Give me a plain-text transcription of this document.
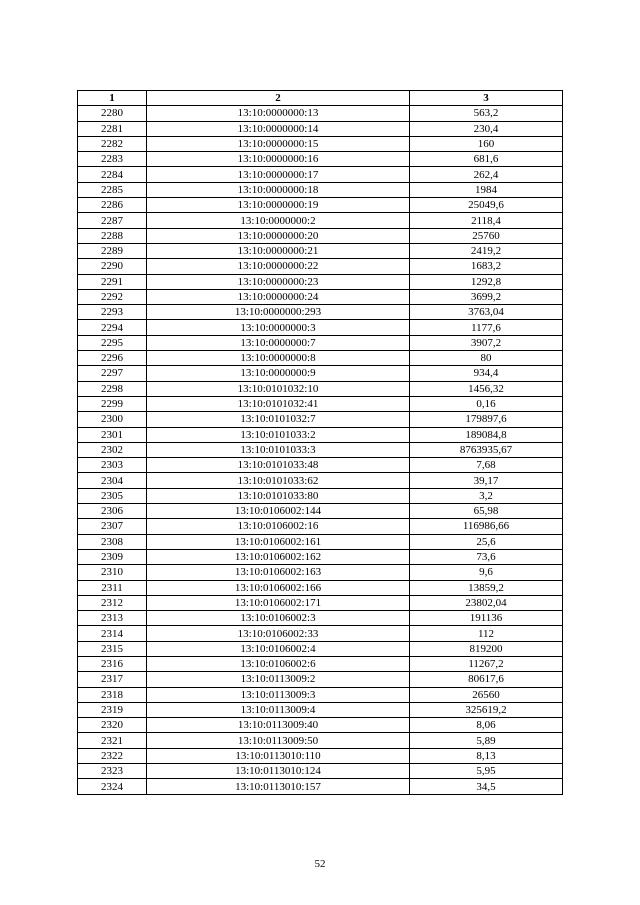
1	2	3
2280	13:10:0000000:13	563,2
2281	13:10:0000000:14	230,4
2282	13:10:0000000:15	160
2283	13:10:0000000:16	681,6
2284	13:10:0000000:17	262,4
2285	13:10:0000000:18	1984
2286	13:10:0000000:19	25049,6
2287	13:10:0000000:2	2118,4
2288	13:10:0000000:20	25760
2289	13:10:0000000:21	2419,2
2290	13:10:0000000:22	1683,2
2291	13:10:0000000:23	1292,8
2292	13:10:0000000:24	3699,2
2293	13:10:0000000:293	3763,04
2294	13:10:0000000:3	1177,6
2295	13:10:0000000:7	3907,2
2296	13:10:0000000:8	80
2297	13:10:0000000:9	934,4
2298	13:10:0101032:10	1456,32
2299	13:10:0101032:41	0,16
2300	13:10:0101032:7	179897,6
2301	13:10:0101033:2	189084,8
2302	13:10:0101033:3	8763935,67
2303	13:10:0101033:48	7,68
2304	13:10:0101033:62	39,17
2305	13:10:0101033:80	3,2
2306	13:10:0106002:144	65,98
2307	13:10:0106002:16	116986,66
2308	13:10:0106002:161	25,6
2309	13:10:0106002:162	73,6
2310	13:10:0106002:163	9,6
2311	13:10:0106002:166	13859,2
2312	13:10:0106002:171	23802,04
2313	13:10:0106002:3	191136
2314	13:10:0106002:33	112
2315	13:10:0106002:4	819200
2316	13:10:0106002:6	11267,2
2317	13:10:0113009:2	80617,6
2318	13:10:0113009:3	26560
2319	13:10:0113009:4	325619,2
2320	13:10:0113009:40	8,06
2321	13:10:0113009:50	5,89
2322	13:10:0113010:110	8,13
2323	13:10:0113010:124	5,95
2324	13:10:0113010:157	34,5
52
